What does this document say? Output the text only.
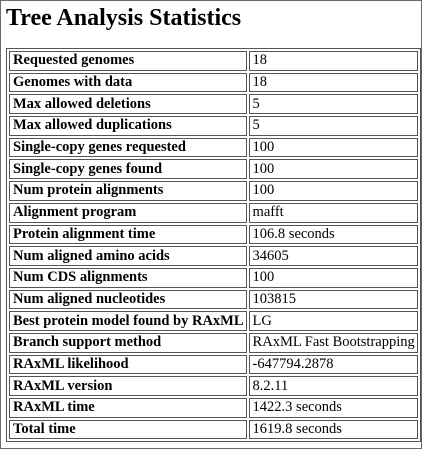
Tree Analysis Statistics
Requested genomes	18
Genomes with data	18
Max allowed deletions	5
Max allowed duplications	5
Single-copy genes requested	100
Single-copy genes found	100
Num protein alignments	100
Alignment program	mafft
Protein alignment time	106.8 seconds
Num aligned amino acids	34605
Num CDS alignments	100
Num aligned nucleotides	103815
Best protein model found by RAxML	LG
Branch support method	RAxML Fast Bootstrapping
RAxML likelihood	-647794.2878
RAxML version	8.2.11
RAxML time	1422.3 seconds
Total time	1619.8 seconds
